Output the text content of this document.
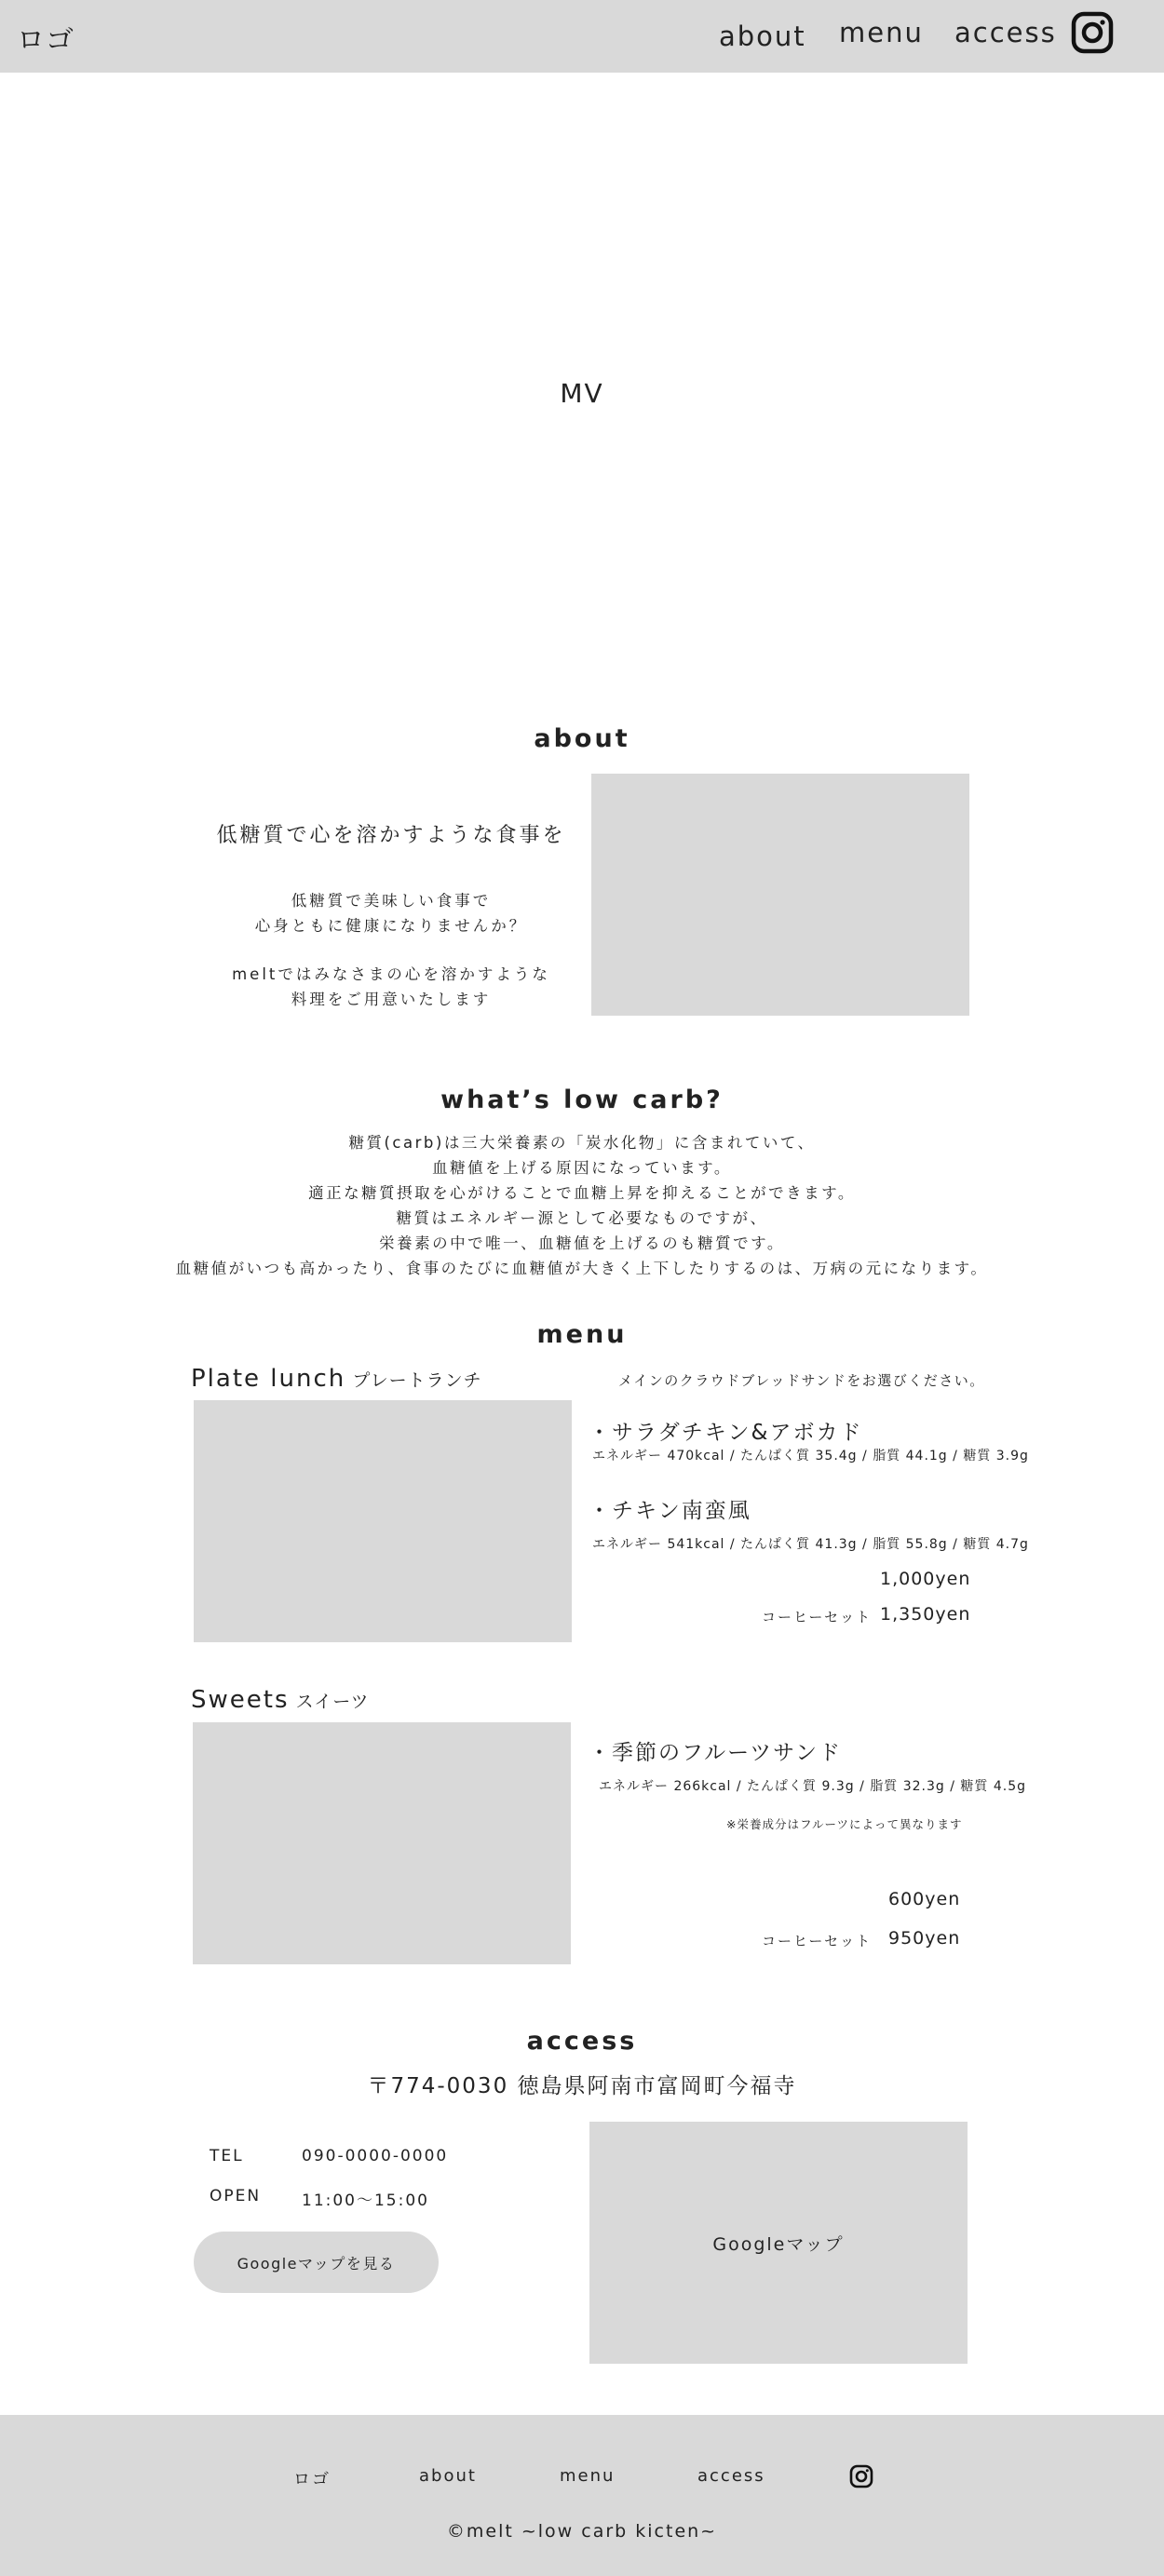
ロゴ	about menu access
MV
about
低糖質で心を溶かすような食事を
低糖質で美味しい食事で
心身ともに健康になりませんか？
meltではみなさまの心を溶かすような
料理をご用意いたします
what’s low carb?
糖質(carb)は三大栄養素の「炭水化物」に含まれていて、
血糖値を上げる原因になっています。
適正な糖質摂取を心がけることで血糖上昇を抑えることができます。
糖質はエネルギー源として必要なものですが、
栄養素の中で唯一、血糖値を上げるのも糖質です。
血糖値がいつも高かったり、食事のたびに血糖値が大きく上下したりするのは、万病の元になります。
menu
Plate lunch プレートランチ	メインのクラウドブレッドサンドをお選びください。
・サラダチキン&アボカド
エネルギー 470kcal / たんぱく質 35.4g / 脂質 44.1g / 糖質 3.9g
・チキン南蛮風
エネルギー 541kcal / たんぱく質 41.3g / 脂質 55.8g / 糖質 4.7g
1,000yen
コーヒーセット 1,350yen
Sweets スイーツ
・季節のフルーツサンド
エネルギー 266kcal / たんぱく質 9.3g / 脂質 32.3g / 糖質 4.5g
※栄養成分はフルーツによって異なります
600yen
コーヒーセット 950yen
access
〒774-0030 徳島県阿南市富岡町今福寺
TEL	090-0000-0000
OPEN	11:00〜15:00
Googleマップを見る
Googleマップ
ロゴ	about	menu	access
©melt ~low carb kicten~
